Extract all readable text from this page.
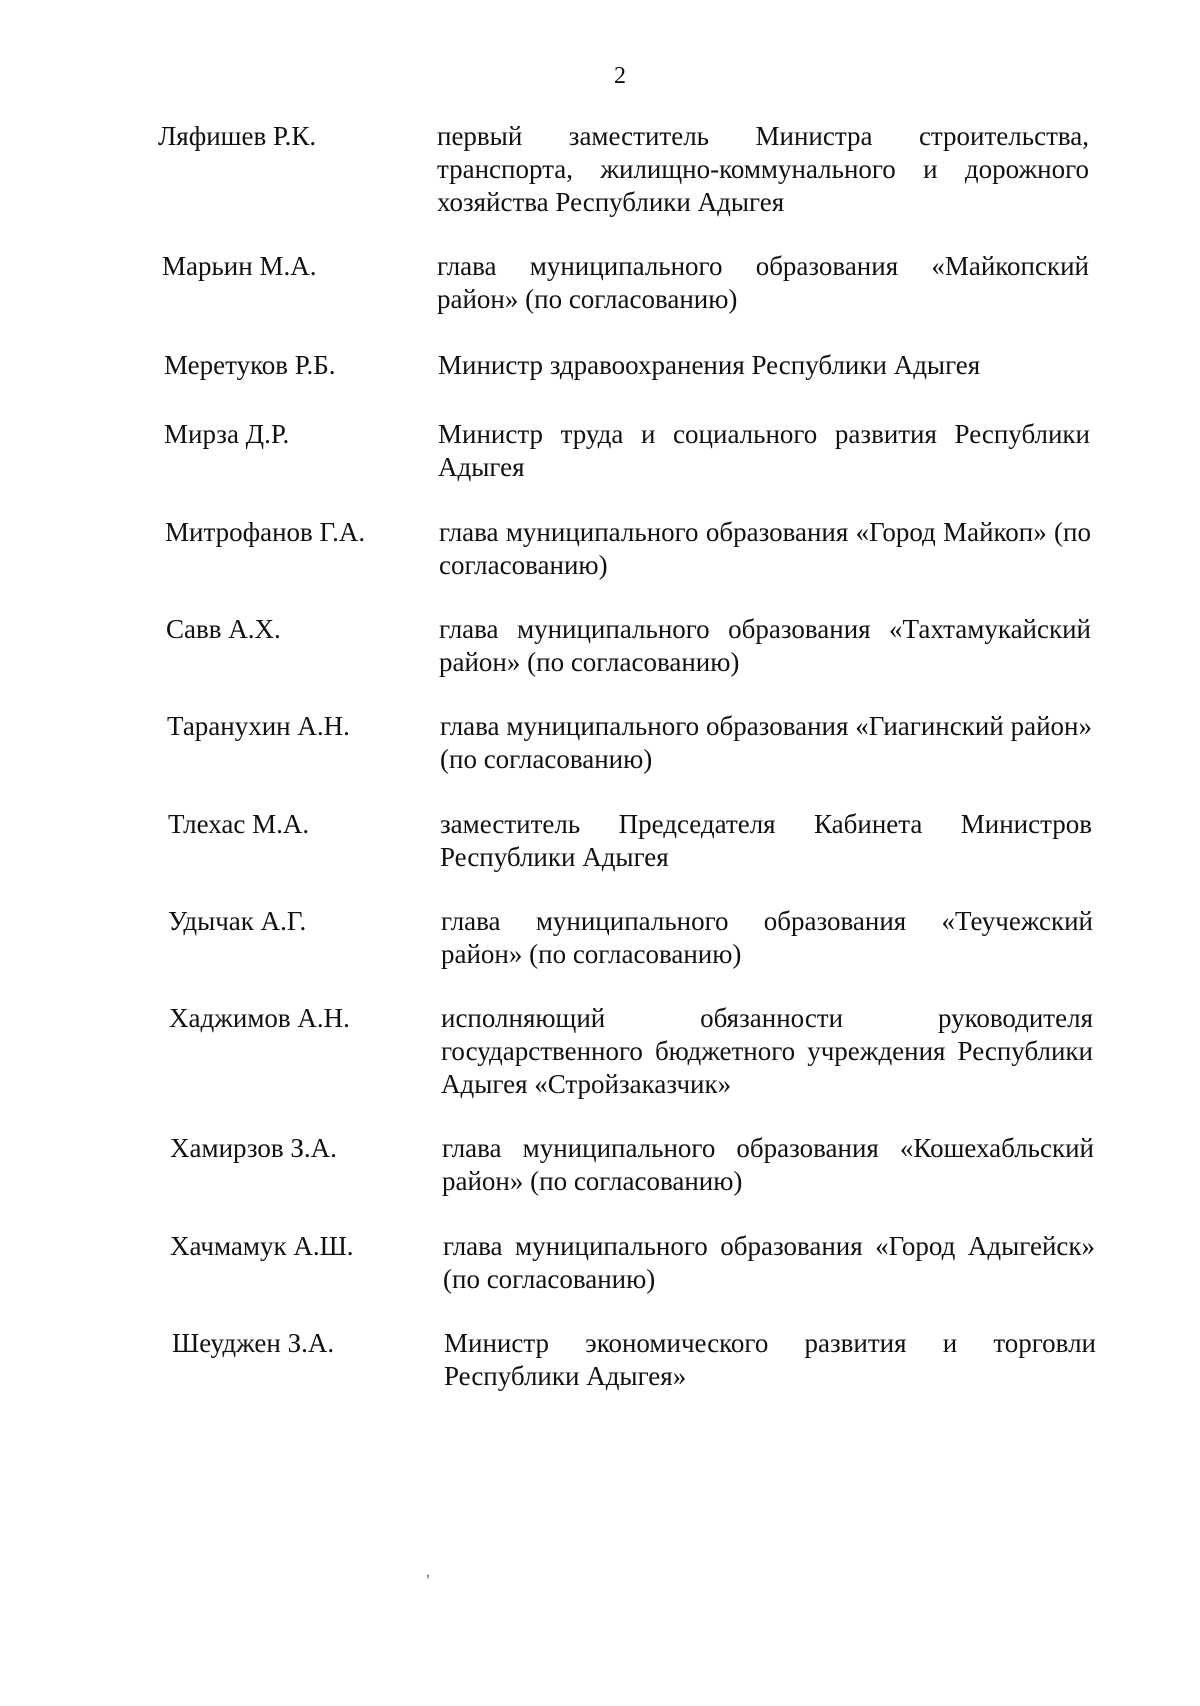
2
Ляфишев Р.К.	первый заместитель Министра строительства, транспорта, жилищно-коммунального и дорожного хозяйства Республики Адыгея
Марьин М.А.	глава муниципального образования «Майкопский район» (по согласованию)
Меретуков Р.Б.	Министр здравоохранения Республики Адыгея
Мирза Д.Р.	Министр труда и социального развития Республики Адыгея
Митрофанов Г.А.	глава муниципального образования «Город Майкоп» (по согласованию)
Савв А.Х.	глава муниципального образования «Тахтамукайский район» (по согласованию)
Таранухин А.Н.	глава муниципального образования «Гиагинский район» (по согласованию)
Тлехас М.А.	заместитель Председателя Кабинета Министров Республики Адыгея
Удычак А.Г.	глава муниципального образования «Теучежский район» (по согласованию)
Хаджимов А.Н.	исполняющий обязанности руководителя государственного бюджетного учреждения Республики Адыгея «Стройзаказчик»
Хамирзов З.А.	глава муниципального образования «Кошехабльский район» (по согласованию)
Хачмамук А.Ш.	глава муниципального образования «Город Адыгейск» (по согласованию)
Шеуджен З.А.	Министр экономического развития и торговли Республики Адыгея»
′
